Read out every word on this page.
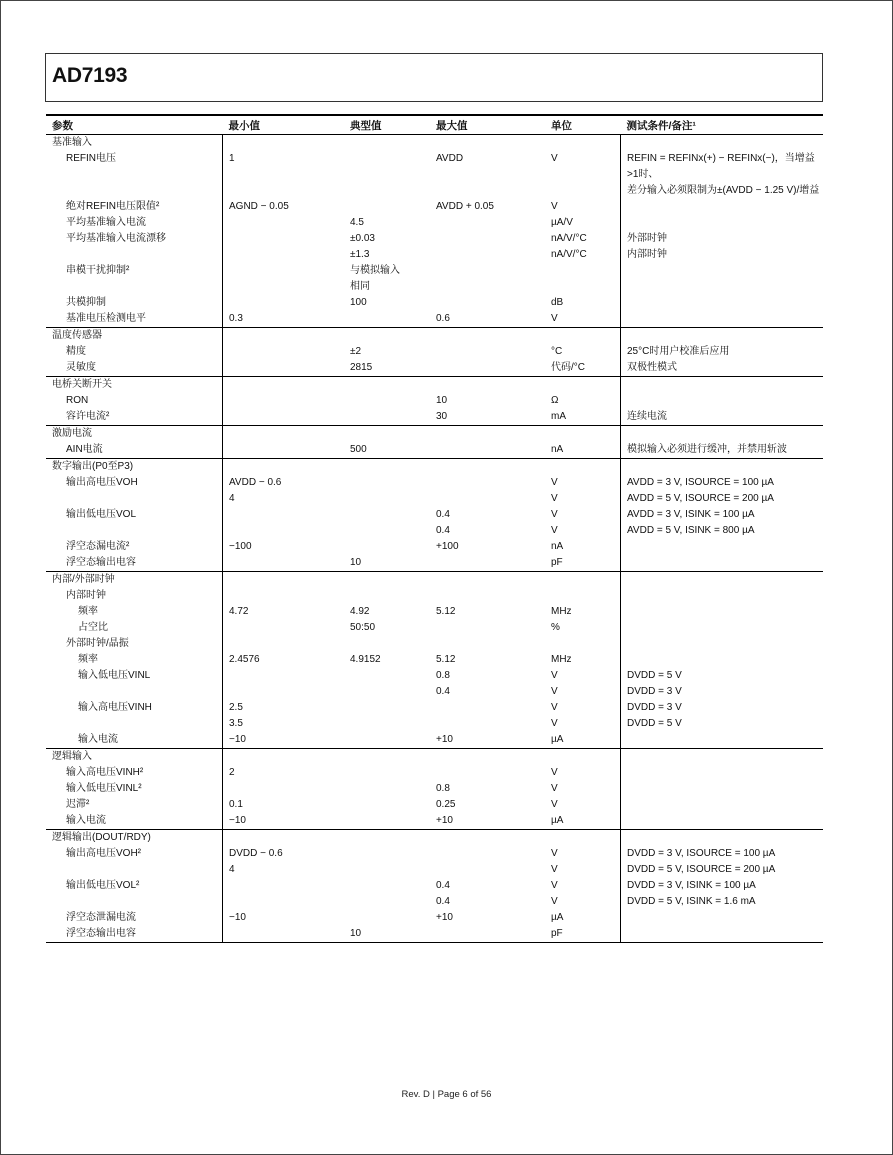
AD7193
参数	最小值	典型值	最大值	单位	测试条件/备注¹
基准输入					
REFIN电压	1		AVDD	V	REFIN = REFINx(+) − REFINx(−)，当增益>1时、
					差分输入必须限制为±(AVDD − 1.25 V)/增益
绝对REFIN电压限值²	AGND − 0.05		AVDD + 0.05	V	
平均基准输入电流		4.5		µA/V	
平均基准输入电流漂移		±0.03		nA/V/°C	外部时钟
		±1.3		nA/V/°C	内部时钟
串模干扰抑制²		与模拟输入			
		相同			
共模抑制		100		dB	
基准电压检测电平	0.3		0.6	V	
温度传感器					
精度		±2		°C	25°C时用户校准后应用
灵敏度		2815		代码/°C	双极性模式
电桥关断开关					
RON			10	Ω	
容许电流²			30	mA	连续电流
激励电流					
AIN电流		500		nA	模拟输入必须进行缓冲，并禁用斩波
数字输出(P0至P3)					
输出高电压VOH	AVDD − 0.6			V	AVDD = 3 V, ISOURCE = 100 µA
	4			V	AVDD = 5 V, ISOURCE = 200 µA
输出低电压VOL			0.4	V	AVDD = 3 V, ISINK = 100 µA
			0.4	V	AVDD = 5 V, ISINK = 800 µA
浮空态漏电流²	−100		+100	nA	
浮空态输出电容		10		pF	
内部/外部时钟					
内部时钟					
频率	4.72	4.92	5.12	MHz	
占空比		50:50		%	
外部时钟/晶振					
频率	2.4576	4.9152	5.12	MHz	
输入低电压VINL			0.8	V	DVDD = 5 V
			0.4	V	DVDD = 3 V
输入高电压VINH	2.5			V	DVDD = 3 V
	3.5			V	DVDD = 5 V
输入电流	−10		+10	µA	
逻辑输入					
输入高电压VINH²	2			V	
输入低电压VINL²			0.8	V	
迟滞²	0.1		0.25	V	
输入电流	−10		+10	µA	
逻辑输出(DOUT/RDY)					
输出高电压VOH²	DVDD − 0.6			V	DVDD = 3 V, ISOURCE = 100 µA
	4			V	DVDD = 5 V, ISOURCE = 200 µA
输出低电压VOL²			0.4	V	DVDD = 3 V, ISINK = 100 µA
			0.4	V	DVDD = 5 V, ISINK = 1.6 mA
浮空态泄漏电流	−10		+10	µA	
浮空态输出电容		10		pF	
Rev. D | Page 6 of 56
